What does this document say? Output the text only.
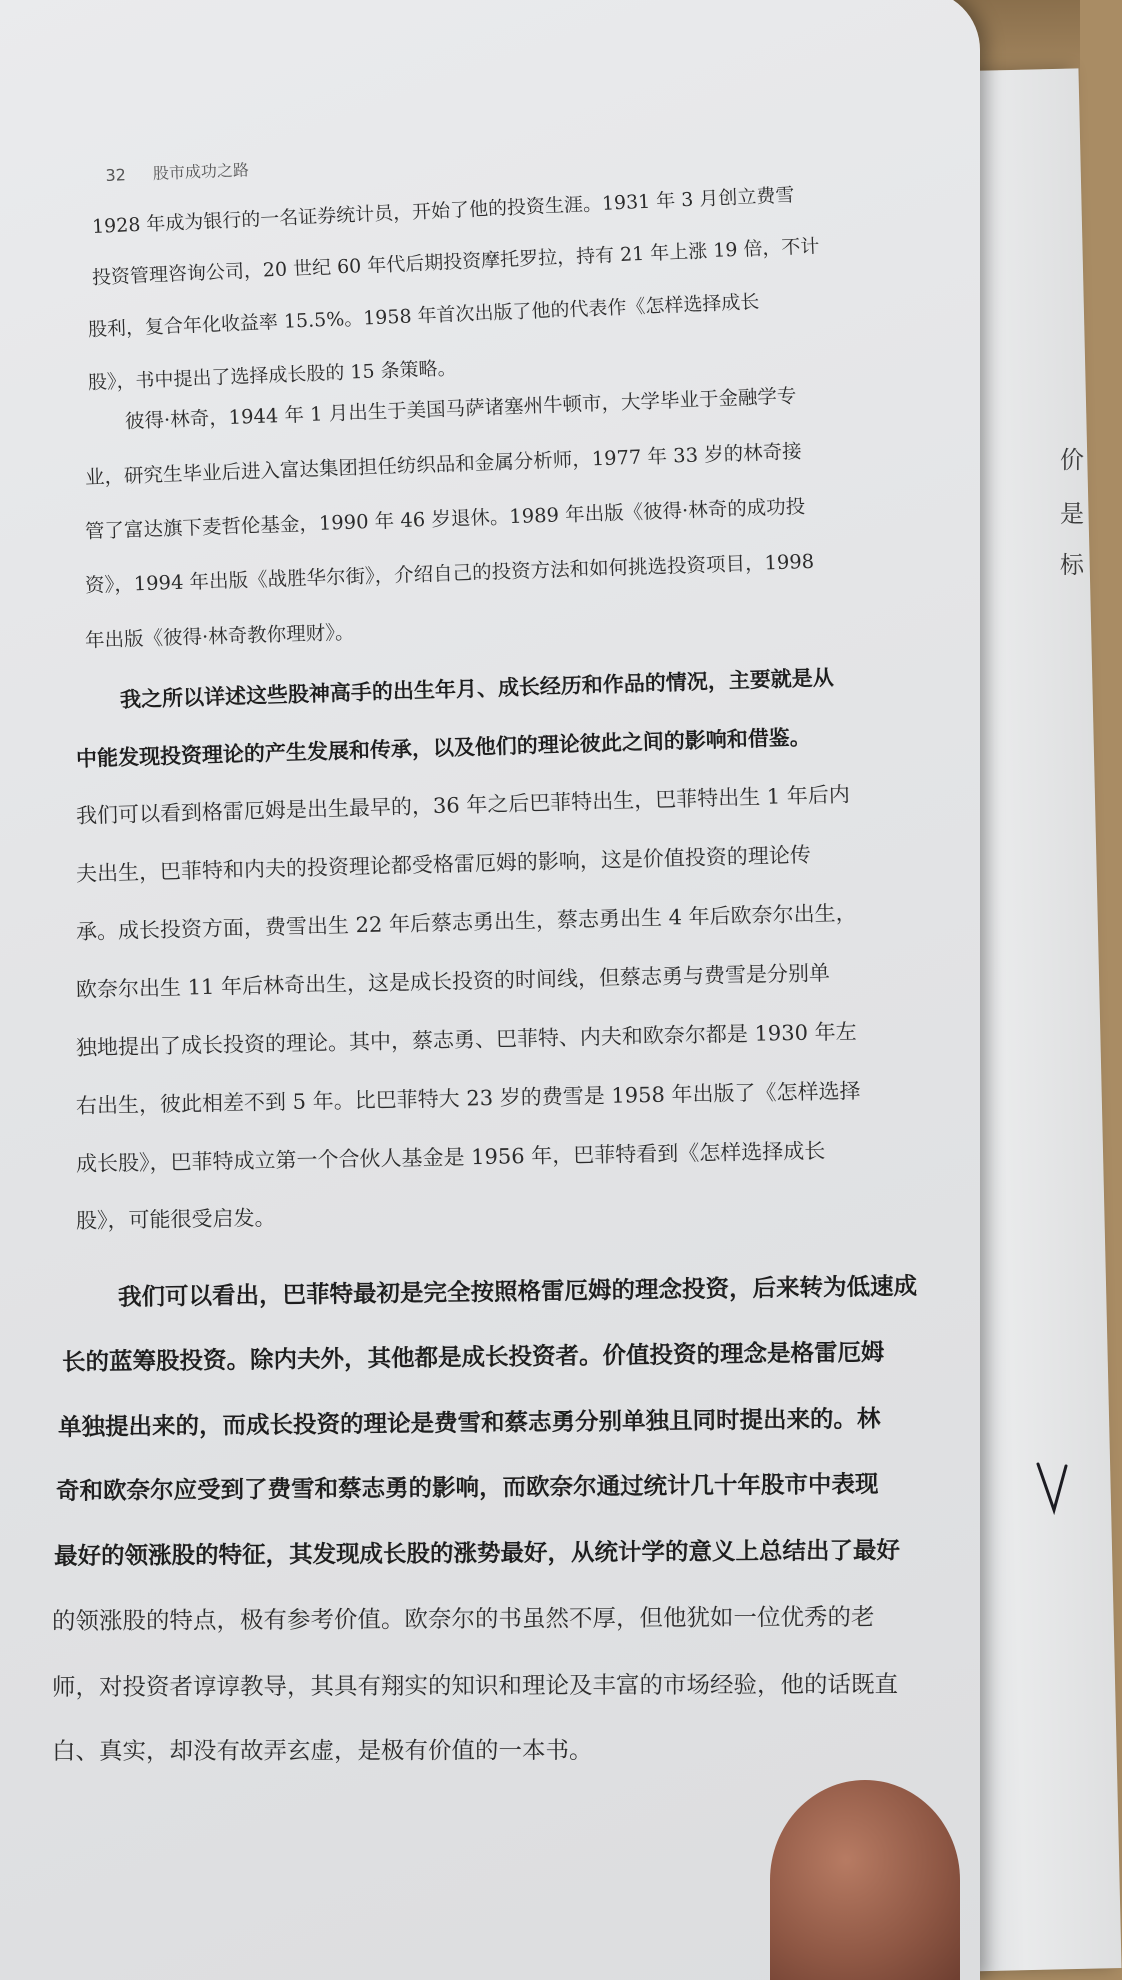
价
是
标
32 股市成功之路
1928 年成为银行的一名证券统计员，开始了他的投资生涯。1931 年 3 月创立费雪
投资管理咨询公司，20 世纪 60 年代后期投资摩托罗拉，持有 21 年上涨 19 倍，不计
股利，复合年化收益率 15.5%。1958 年首次出版了他的代表作《怎样选择成长
股》，书中提出了选择成长股的 15 条策略。
彼得·林奇，1944 年 1 月出生于美国马萨诸塞州牛顿市，大学毕业于金融学专
业，研究生毕业后进入富达集团担任纺织品和金属分析师，1977 年 33 岁的林奇接
管了富达旗下麦哲伦基金，1990 年 46 岁退休。1989 年出版《彼得·林奇的成功投
资》，1994 年出版《战胜华尔街》，介绍自己的投资方法和如何挑选投资项目，1998
年出版《彼得·林奇教你理财》。
我之所以详述这些股神高手的出生年月、成长经历和作品的情况，主要就是从
中能发现投资理论的产生发展和传承，以及他们的理论彼此之间的影响和借鉴。
我们可以看到格雷厄姆是出生最早的，36 年之后巴菲特出生，巴菲特出生 1 年后内
夫出生，巴菲特和内夫的投资理论都受格雷厄姆的影响，这是价值投资的理论传
承。成长投资方面，费雪出生 22 年后蔡志勇出生，蔡志勇出生 4 年后欧奈尔出生，
欧奈尔出生 11 年后林奇出生，这是成长投资的时间线，但蔡志勇与费雪是分别单
独地提出了成长投资的理论。其中，蔡志勇、巴菲特、内夫和欧奈尔都是 1930 年左
右出生，彼此相差不到 5 年。比巴菲特大 23 岁的费雪是 1958 年出版了《怎样选择
成长股》，巴菲特成立第一个合伙人基金是 1956 年，巴菲特看到《怎样选择成长
股》，可能很受启发。
我们可以看出，巴菲特最初是完全按照格雷厄姆的理念投资，后来转为低速成
长的蓝筹股投资。除内夫外，其他都是成长投资者。价值投资的理念是格雷厄姆
单独提出来的，而成长投资的理论是费雪和蔡志勇分别单独且同时提出来的。林
奇和欧奈尔应受到了费雪和蔡志勇的影响，而欧奈尔通过统计几十年股市中表现
最好的领涨股的特征，其发现成长股的涨势最好，从统计学的意义上总结出了最好
的领涨股的特点，极有参考价值。欧奈尔的书虽然不厚，但他犹如一位优秀的老
师，对投资者谆谆教导，其具有翔实的知识和理论及丰富的市场经验，他的话既直
白、真实，却没有故弄玄虚，是极有价值的一本书。
